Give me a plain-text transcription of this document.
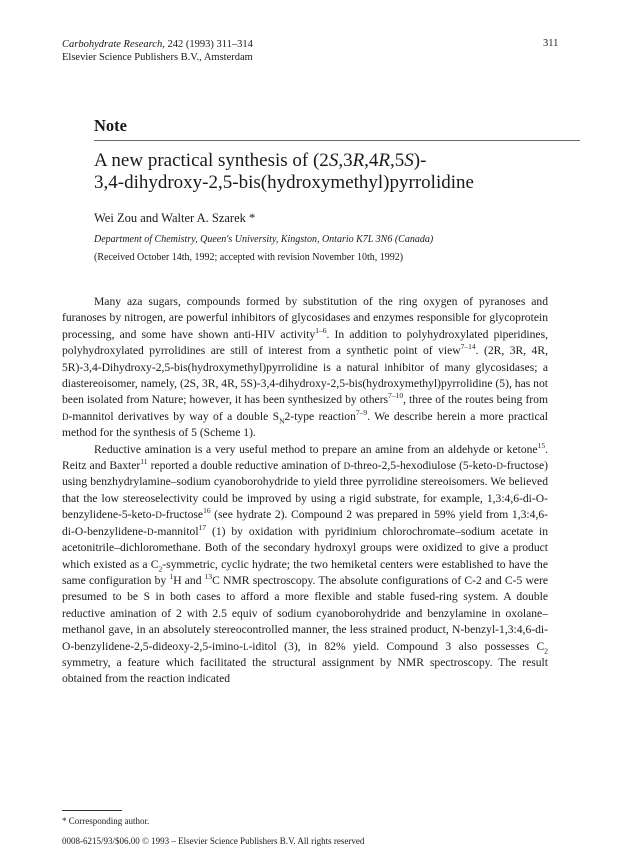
Carbohydrate Research, 242 (1993) 311–314
Elsevier Science Publishers B.V., Amsterdam
311
Note
A new practical synthesis of (2S,3R,4R,5S)-
3,4-dihydroxy-2,5-bis(hydroxymethyl)pyrrolidine
Wei Zou and Walter A. Szarek *
Department of Chemistry, Queen's University, Kingston, Ontario K7L 3N6 (Canada)
(Received October 14th, 1992; accepted with revision November 10th, 1992)

Many aza sugars, compounds formed by substitution of the ring oxygen of pyranoses and furanoses by nitrogen, are powerful inhibitors of glycosidases and enzymes responsible for glycoprotein processing, and some have shown anti-HIV activity$^{1-6}$. In addition to polyhydroxylated piperidines, polyhydroxylated pyrrolidines are still of interest from a synthetic point of view$^{7-14}$. (2R, 3R, 4R, 5R)-3,4-Dihydroxy-2,5-bis(hydroxymethyl)pyrrolidine is a natural inhibitor of many glycosidases; a diastereoisomer, namely, (2S, 3R, 4R, 5S)-3,4-dihydroxy-2,5-bis(hydroxymethyl)pyrrolidine (5), has not been isolated from Nature; however, it has been synthesized by others$^{7-10}$, three of the routes being from D-mannitol derivatives by way of a double $S_N2$-type reaction$^{7-9}$. We describe herein a more practical method for the synthesis of 5 (Scheme 1).

Reductive amination is a very useful method to prepare an amine from an aldehyde or ketone$^{15}$. Reitz and Baxter$^{11}$ reported a double reductive amination of D-threo-2,5-hexodiulose (5-keto-D-fructose) using benzhydrylamine–sodium cyanoborohydride to yield three pyrrolidine stereoisomers. We believed that the low stereoselectivity could be improved by using a rigid substrate, for example, 1,3:4,6-di-O-benzylidene-5-keto-D-fructose$^{16}$ (see hydrate 2). Compound 2 was prepared in 59% yield from 1,3:4,6-di-O-benzylidene-D-mannitol$^{17}$ (1) by oxidation with pyridinium chlorochromate–sodium acetate in acetonitrile–dichloromethane. Both of the secondary hydroxyl groups were oxidized to give a product which existed as a $C_2$-symmetric, cyclic hydrate; the two hemiketal centers were established to have the same configuration by $^1$H and $^{13}$C NMR spectroscopy. The absolute configurations of C-2 and C-5 were presumed to be S in both cases to afford a more flexible and stable fused-ring system. A double reductive amination of 2 with 2.5 equiv of sodium cyanoborohydride and benzylamine in oxolane–methanol gave, in an absolutely stereocontrolled manner, the less strained product, N-benzyl-1,3:4,6-di-O-benzylidene-2,5-dideoxy-2,5-imino-L-iditol (3), in 82% yield. Compound 3 also possesses $C_2$ symmetry, a feature which facilitated the structural assignment by NMR spectroscopy. The result obtained from the reaction indicated

* Corresponding author.
0008-6215/93/$06.00 © 1993 – Elsevier Science Publishers B.V. All rights reserved
